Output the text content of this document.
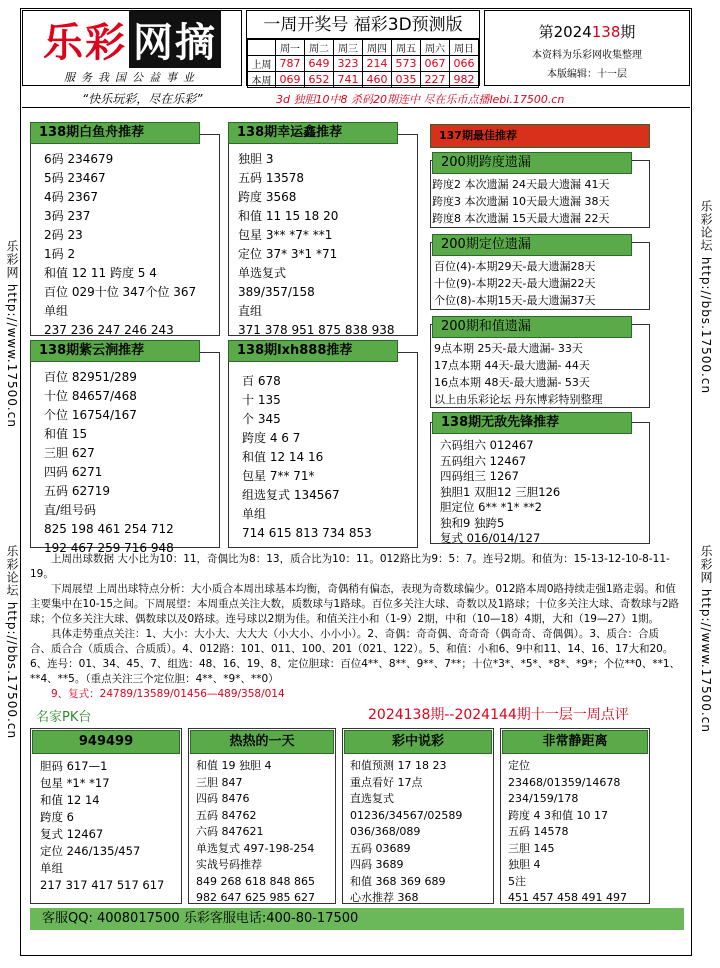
乐彩 网摘
服务我国公益事业
一周开奖号 福彩3D预测版
	周一	周二	周三	周四	周五	周六	周日
上周	787	649	323	214	573	067	066
本周	069	652	741	460	035	227	982
第2024138期
本资料为乐彩网收集整理
本版编辑：十一层
“快乐玩彩，尽在乐彩”	3d 独胆10中8 杀码20期连中 尽在乐币点播lebi.17500.cn
乐彩网 http://www.17500.cn
乐彩论坛 http://bbs.17500.cn
乐彩论坛 http://bbs.17500.cn
乐彩网 http://www.17500.cn
138期白鱼舟推荐
6码 234679
5码 23467
4码 2367
3码 237
2码 23
1码 2
和值 12 11 跨度 5 4
百位 029十位 347个位 367
单组
237 236 247 246 243
138期幸运鑫推荐
独胆 3
五码 13578
跨度 3568
和值 11 15 18 20
包星 3** *7* **1
定位 37* 3*1 *71
单选复式
389/357/158
直组
371 378 951 875 838 938
138期紫云涧推荐
百位 82951/289
十位 84657/468
个位 16754/167
和值 15
三胆 627
四码 6271
五码 62719
直/组号码
825 198 461 254 712
192 467 259 716 948
138期lxh888推荐
百 678
十 135
个 345
跨度 4 6 7
和值 12 14 16
包星 7** 71*
组选复式 134567
单组
714 615 813 734 853
137期最佳推荐
200期跨度遗漏
跨度2 本次遗漏 24天最大遗漏 41天
跨度3 本次遗漏 10天最大遗漏 38天
跨度8 本次遗漏 15天最大遗漏 22天
200期定位遗漏
百位(4)-本期29天-最大遗漏28天
十位(9)-本期22天-最大遗漏22天
个位(8)-本期15天-最大遗漏37天
200期和值遗漏
9点本期 25天-最大遗漏- 33天
17点本期 44天-最大遗漏- 44天
16点本期 48天-最大遗漏- 53天
以上由乐彩论坛 丹东博彩特别整理
138期无敌先锋推荐
六码组六 012467
五码组六 12467
四码组三 1267
独胆1 双胆12 三胆126
胆定位 6** *1* **2
独和9 独跨5
复式 016/014/127

上周出球数据 大小比为10：11，奇偶比为8：13，质合比为10：11。012路比为9：5：7。连号2期。和值为：15-13-12-10-8-11-19。

下周展望 上周出球特点分析：大小质合本周出球基本均衡，奇偶稍有偏态，表现为奇数球偏少。012路本周0路持续走强1路走弱。和值主要集中在10-15之间。下周展望：本周重点关注大数，质数球与1路球。百位多关注大球、奇数以及1路球；十位多关注大球、奇数球与2路球；个位多关注大球、偶数球以及0路球。连号球以2期为佳。和值关注小和（1-9）2期，中和（10—18）4期，大和（19—27）1期。

具体走势重点关注：1、大小：大小大、大大大（小大小、小小小）。2、奇偶：奇奇偶、奇奇奇（偶奇奇、奇偶偶）。3、质合：合质合、质合合（质质合、合质质）。4、012路：101、011、100、201（021、122）。5、和值：小和6、9中和11、14、16、17大和20。6、连号：01、34、45、7、组选：48、16、19、8、定位胆球：百位4**、8**、9**、7**；十位*3*、*5*、*8*、*9*；个位**0、**1、**4、**5。（重点关注三个定位胆：4**、*9*、**0）

9、复式：24789/13589/01456—489/358/014

名家PK台	2024138期--2024144期十一层一周点评
949499
胆码 617—1
包星 *1* *17
和值 12 14
跨度 6
复式 12467
定位 246/135/457
单组
217 317 417 517 617
热热的一天
和值 19 独胆 4
三胆 847
四码 8476
五码 84762
六码 847621
单选复式 497-198-254
实战号码推荐
849 268 618 848 865
982 647 625 985 627
彩中说彩
和值预测 17 18 23
重点看好 17点
直选复式
01236/34567/02589
036/368/089
五码 03689
四码 3689
和值 368 369 689
心水推荐 368
非常静距离
定位
23468/01359/14678
234/159/178
跨度 4 3和值 10 17
五码 14578
三胆 145
独胆 4
5注
451 457 458 491 497
客服QQ: 4008017500 乐彩客服电话:400-80-17500
